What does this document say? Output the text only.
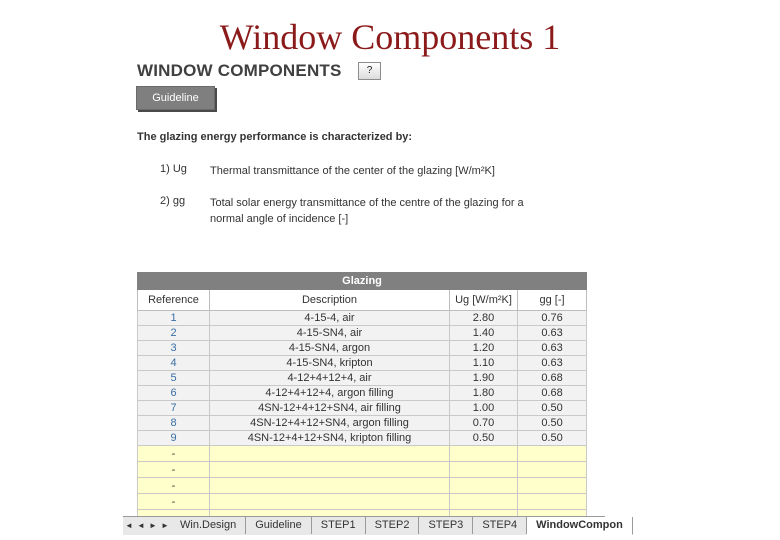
Window Components 1
WINDOW COMPONENTS	?
Guideline
The glazing energy performance is characterized by:
1) Ug Thermal transmittance of the center of the glazing [W/m²K]
2) gg Total solar energy transmittance of the centre of the glazing for a normal angle of incidence [-]
Glazing			
Reference	Description	Ug [W/m²K]	gg [-]
1	4-15-4, air	2.80	0.76
2	4-15-SN4, air	1.40	0.63
3	4-15-SN4, argon	1.20	0.63
4	4-15-SN4, kripton	1.10	0.63
5	4-12+4+12+4, air	1.90	0.68
6	4-12+4+12+4, argon filling	1.80	0.68
7	4SN-12+4+12+SN4, air filling	1.00	0.50
8	4SN-12+4+12+SN4, argon filling	0.70	0.50
9	4SN-12+4+12+SN4, kripton filling	0.50	0.50
-			
-			
-			
-			

◄ ◄ ► ► Win.Design Guideline STEP1 STEP2 STEP3 STEP4 WindowCompon
